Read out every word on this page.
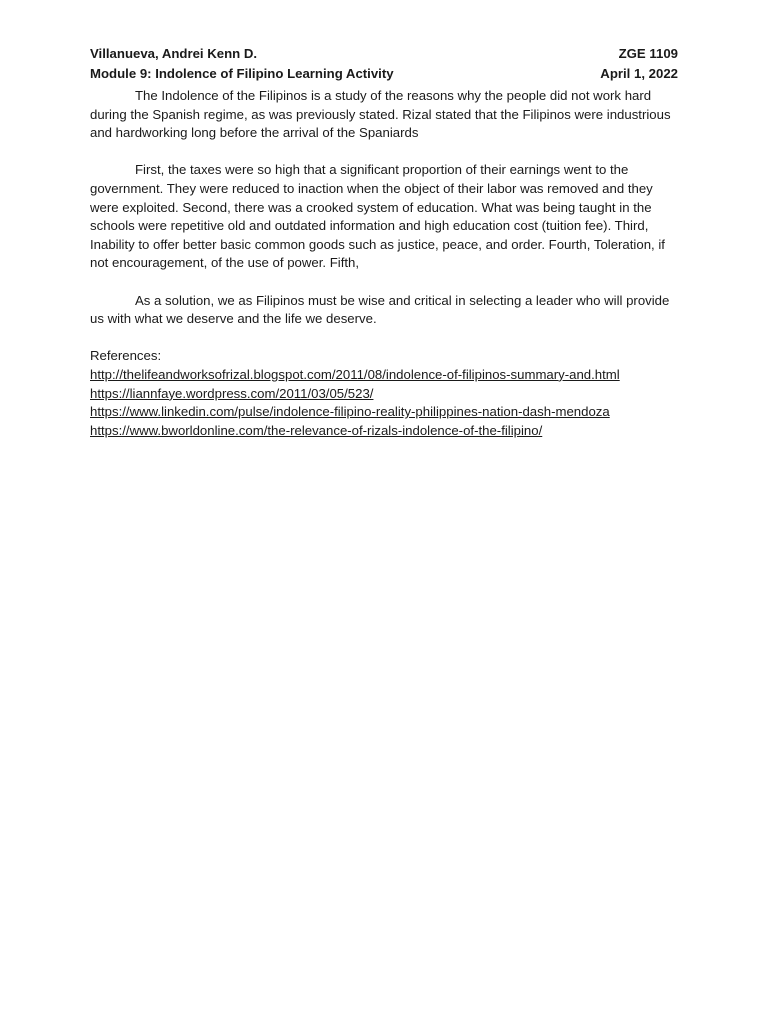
Villanueva, Andrei Kenn D.	ZGE 1109
Module 9: Indolence of Filipino Learning Activity	April 1, 2022

The Indolence of the Filipinos is a study of the reasons why the people did not work hard during the Spanish regime, as was previously stated. Rizal stated that the Filipinos were industrious and hardworking long before the arrival of the Spaniards

First, the taxes were so high that a significant proportion of their earnings went to the government. They were reduced to inaction when the object of their labor was removed and they were exploited. Second, there was a crooked system of education. What was being taught in the schools were repetitive old and outdated information and high education cost (tuition fee). Third, Inability to offer better basic common goods such as justice, peace, and order. Fourth, Toleration, if not encouragement, of the use of power. Fifth,

As a solution, we as Filipinos must be wise and critical in selecting a leader who will provide us with what we deserve and the life we deserve.

References:
http://thelifeandworksofrizal.blogspot.com/2011/08/indolence-of-filipinos-summary-and.html
https://liannfaye.wordpress.com/2011/03/05/523/
https://www.linkedin.com/pulse/indolence-filipino-reality-philippines-nation-dash-mendoza
https://www.bworldonline.com/the-relevance-of-rizals-indolence-of-the-filipino/
